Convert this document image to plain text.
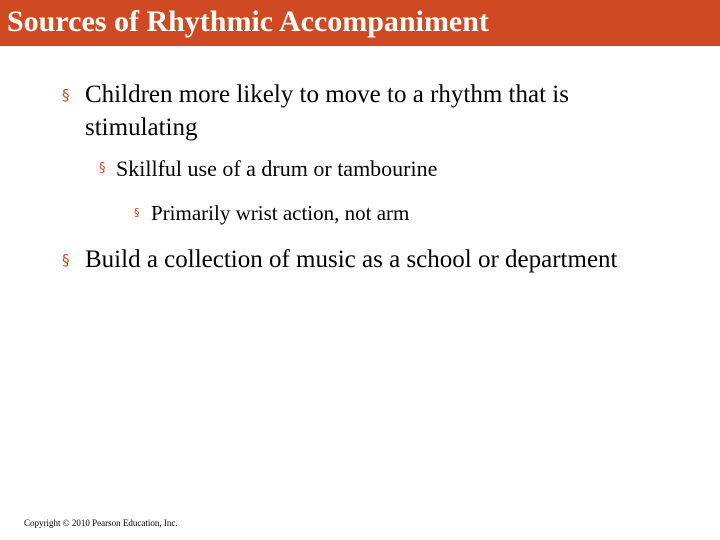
Sources of Rhythmic Accompaniment
§ Children more likely to move to a rhythm that is stimulating
§ Skillful use of a drum or tambourine
§ Primarily wrist action, not arm
§ Build a collection of music as a school or department
Copyright © 2010 Pearson Education, Inc.
